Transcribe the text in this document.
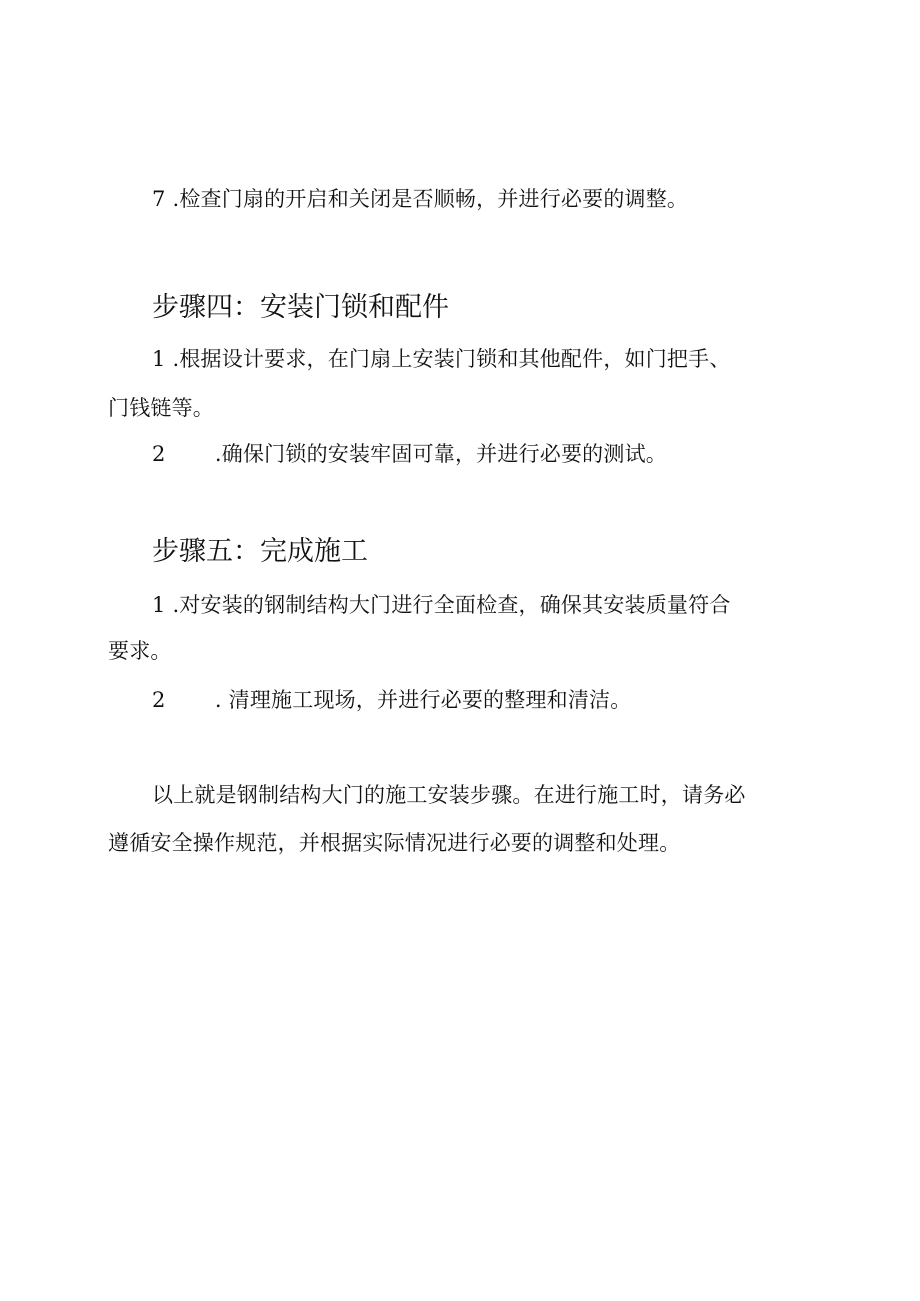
7 .检查门扇的开启和关闭是否顺畅，并进行必要的调整。
步骤四：安装门锁和配件
1 .根据设计要求，在门扇上安装门锁和其他配件，如门把手、
门钱链等。
2 .确保门锁的安装牢固可靠，并进行必要的测试。
步骤五：完成施工
1 .对安装的钢制结构大门进行全面检查，确保其安装质量符合
要求。
2 . 清理施工现场，并进行必要的整理和清洁。
以上就是钢制结构大门的施工安装步骤。在进行施工时，请务必
遵循安全操作规范，并根据实际情况进行必要的调整和处理。
